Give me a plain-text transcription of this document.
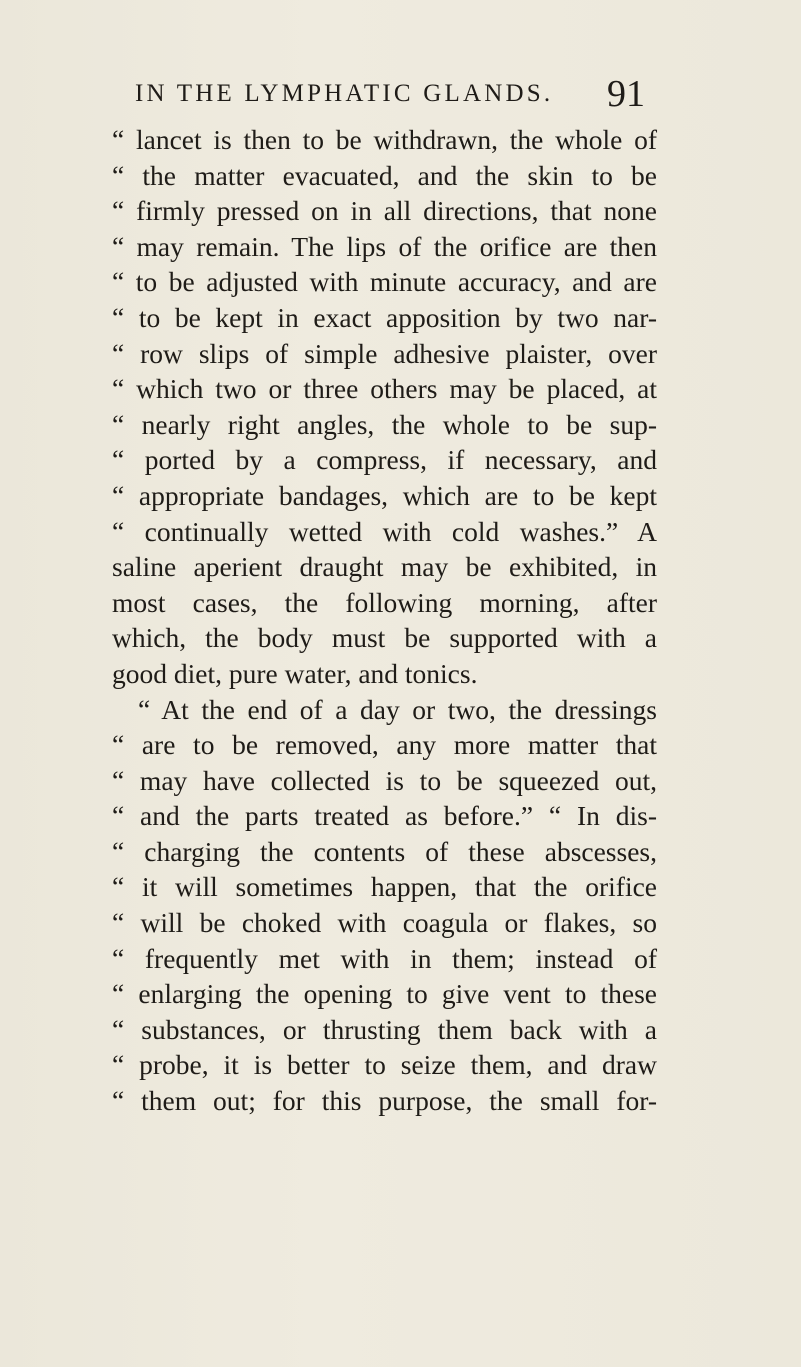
IN THE LYMPHATIC GLANDS. 91
“ lancet is then to be withdrawn, the whole of
“ the matter evacuated, and the skin to be
“ firmly pressed on in all directions, that none
“ may remain. The lips of the orifice are then
“ to be adjusted with minute accuracy, and are
“ to be kept in exact apposition by two nar-
“ row slips of simple adhesive plaister, over
“ which two or three others may be placed, at
“ nearly right angles, the whole to be sup-
“ ported by a compress, if necessary, and
“ appropriate bandages, which are to be kept
“ continually wetted with cold washes.” A
saline aperient draught may be exhibited, in
most cases, the following morning, after
which, the body must be supported with a
good diet, pure water, and tonics.
“ At the end of a day or two, the dressings
“ are to be removed, any more matter that
“ may have collected is to be squeezed out,
“ and the parts treated as before.” “ In dis-
“ charging the contents of these abscesses,
“ it will sometimes happen, that the orifice
“ will be choked with coagula or flakes, so
“ frequently met with in them; instead of
“ enlarging the opening to give vent to these
“ substances, or thrusting them back with a
“ probe, it is better to seize them, and draw
“ them out; for this purpose, the small for-
